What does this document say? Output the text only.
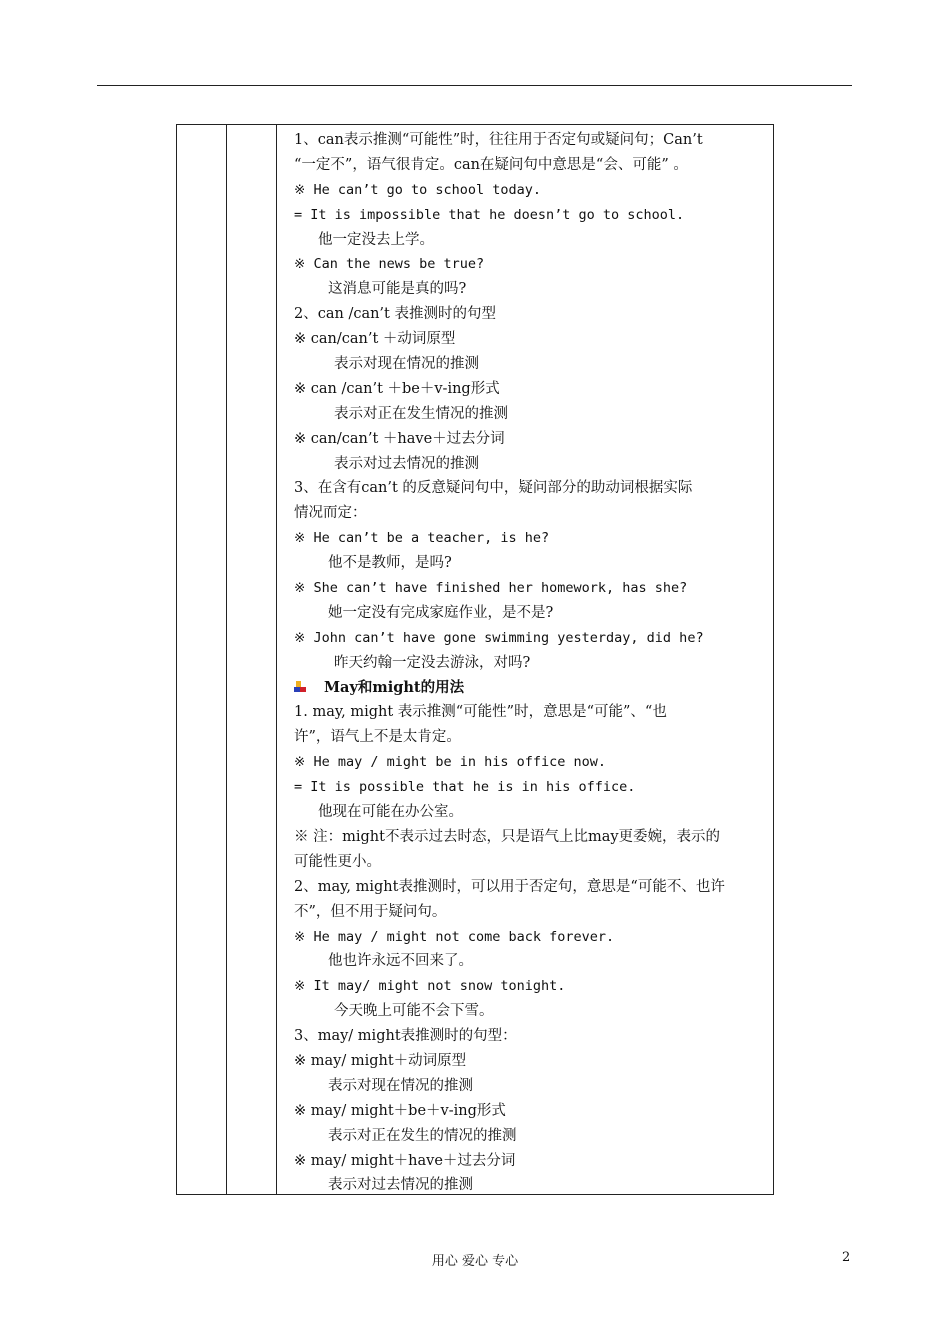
1、can表示推测“可能性”时，往往用于否定句或疑问句；Can’t
“一定不”，语气很肯定。can在疑问句中意思是“会、可能” 。
※ He can’t go to school today.
= It is impossible that he doesn’t go to school.
他一定没去上学。
※ Can the news be true?
这消息可能是真的吗?
2、can /can’t 表推测时的句型
※ can/can’t ＋动词原型
表示对现在情况的推测
※ can /can’t ＋be＋v-ing形式
表示对正在发生情况的推测
※ can/can’t ＋have＋过去分词
表示对过去情况的推测
3、在含有can’t 的反意疑问句中，疑问部分的助动词根据实际
情况而定：
※ He can’t be a teacher, is he?
他不是教师，是吗?
※ She can’t have finished her homework, has she?
她一定没有完成家庭作业，是不是?
※ John can’t have gone swimming yesterday, did he?
昨天约翰一定没去游泳，对吗?
May和might的用法
1. may, might 表示推测“可能性”时，意思是“可能”、“也
许”，语气上不是太肯定。
※ He may / might be in his office now.
= It is possible that he is in his office.
他现在可能在办公室。
※ 注：might不表示过去时态，只是语气上比may更委婉，表示的
可能性更小。
2、may, might表推测时，可以用于否定句，意思是“可能不、也许
不”，但不用于疑问句。
※ He may / might not come back forever.
他也许永远不回来了。
※ It may/ might not snow tonight.
今天晚上可能不会下雪。
3、may/ might表推测时的句型：
※ may/ might＋动词原型
表示对现在情况的推测
※ may/ might＋be＋v-ing形式
表示对正在发生的情况的推测
※ may/ might＋have＋过去分词
表示对过去情况的推测
用心 爱心 专心	2
